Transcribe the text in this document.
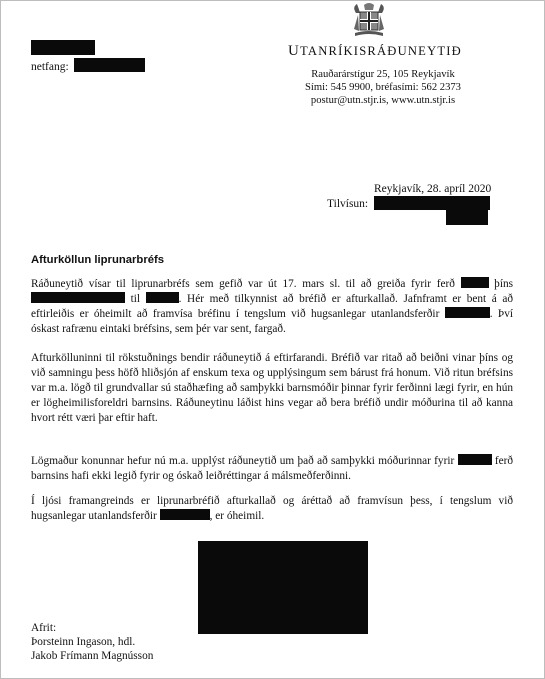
netfang:
UTANRÍKISRÁÐUNEYTIÐ
Rauðarárstígur 25, 105 Reykjavík
Sími: 545 9900, bréfasími: 562 2373
postur@utn.stjr.is, www.utn.stjr.is
Reykjavík, 28. apríl 2020
Tilvísun:
Afturköllun liprunarbréfs
Ráðuneytið vísar til liprunarbréfs sem gefið var út 17. mars sl. til að greiða fyrir ferð	þíns  til	. Hér með tilkynnist að bréfið er afturkallað. Jafnframt er bent á að eftirleiðis er óheimilt að framvísa bréfinu í tengslum við hugsanlegar utanlandsferðir	. Því óskast rafrænu eintaki bréfsins, sem þér var sent, fargað.
Afturkölluninni til rökstuðnings bendir ráðuneytið á eftirfarandi. Bréfið var ritað að beiðni vinar þíns og við samningu þess höfð hliðsjón af enskum texa og upplýsingum sem bárust frá honum. Við ritun bréfsins var m.a. lögð til grundvallar sú staðhæfing að samþykki barnsmóðir þinnar fyrir ferðinni lægi fyrir, en hún er lögheimilisforeldri barnsins. Ráðuneytinu láðist hins vegar að bera bréfið undir móðurina til að kanna hvort rétt væri þar eftir haft.
Lögmaður konunnar hefur nú m.a. upplýst ráðuneytið um það að samþykki móðurinnar fyrir	ferð barnsins hafi ekki legið fyrir og óskað leiðréttingar á málsmeðferðinni.
Í ljósi framangreinds er liprunarbréfið afturkallað og áréttað að framvísun þess, í tengslum við hugsanlegar utanlandsferðir	, er óheimil.
Afrit:
Þorsteinn Ingason, hdl.
Jakob Frímann Magnússon
